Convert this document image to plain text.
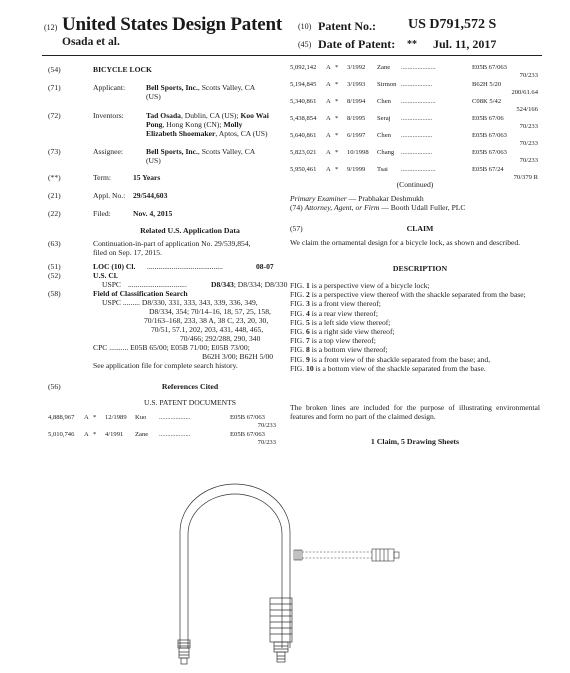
(12) United States Design Patent
Osada et al.
(10) Patent No.: US D791,572 S
(45) Date of Patent: ** Jul. 11, 2017
(54)	BICYCLE LOCK
(71)	Applicant:	Bell Sports, Inc., Scotts Valley, CA
(US)
(72)	Inventors:	Tad Osada, Dublin, CA (US); Koo Wai
Pong, Hong Kong (CN); Molly
Elizabeth Shoemaker, Aptos, CA (US)
(73)	Assignee:	Bell Sports, Inc., Scotts Valley, CA
(US)
(**)	Term:	15 Years
(21)	Appl. No.: 29/544,603
(22)	Filed:	Nov. 4, 2015
Related U.S. Application Data
(63)	Continuation-in-part of application No. 29/539,854,
filed on Sep. 17, 2015.
(51)	LOC (10) Cl. ........................................	08-07
(52)	U.S. Cl.
USPC ...............................	D8/343; D8/334; D8/330
(58)	Field of Classification Search
USPC ......... D8/330, 331, 333, 343, 339, 336, 349,
D8/334, 354; 70/14–16, 18, 57, 25, 158,
70/163–168, 233, 38 A, 38 C, 23, 20, 30,
70/51, 57.1, 202, 203, 431, 448, 465,
70/466; 292/288, 290, 340
CPC .......... E05B 65/00; E05B 71/00; E05B 73/00;
B62H 3/00; B62H 5/00
See application file for complete search history.
(56)	References Cited
U.S. PATENT DOCUMENTS
4,888,967 A * 12/1989 Kuo ...................	E05B 67/063
70/233
5,010,746 A * 4/1991 Zane ...................	E05B 67/063
70/233
5,092,142 A * 3/1992 Zane .....................	E05B 67/063
70/233
5,194,845 A * 3/1993 Sirmon ...................	B62H 5/20
200/61.64
5,340,861 A * 8/1994 Chen .....................	C08K 5/42
524/166
5,438,854 A * 8/1995 Seraj ...................	E05B 67/06
70/233
5,640,861 A * 6/1997 Chen ...................	E05B 67/063
70/233
5,823,021 A * 10/1998 Chang ...................	E05B 67/063
70/233
5,950,461 A * 9/1999 Tsai .....................	E05B 67/24
70/379 R
(Continued)
Primary Examiner — Prabhakar Deshmukh
(74) Attorney, Agent, or Firm — Booth Udall Fuller, PLC
(57)	CLAIM
We claim the ornamental design for a bicycle lock, as shown and described.
DESCRIPTION
FIG. 1 is a perspective view of a bicycle lock;
FIG. 2 is a perspective view thereof with the shackle separated from the base;
FIG. 3 is a front view thereof;
FIG. 4 is a rear view thereof;
FIG. 5 is a left side view thereof;
FIG. 6 is a right side view thereof;
FIG. 7 is a top view thereof;
FIG. 8 is a bottom view thereof;
FIG. 9 is a front view of the shackle separated from the base; and,
FIG. 10 is a bottom view of the shackle separated from the base.
The broken lines are included for the purpose of illustrating environmental features and form no part of the claimed design.
1 Claim, 5 Drawing Sheets
